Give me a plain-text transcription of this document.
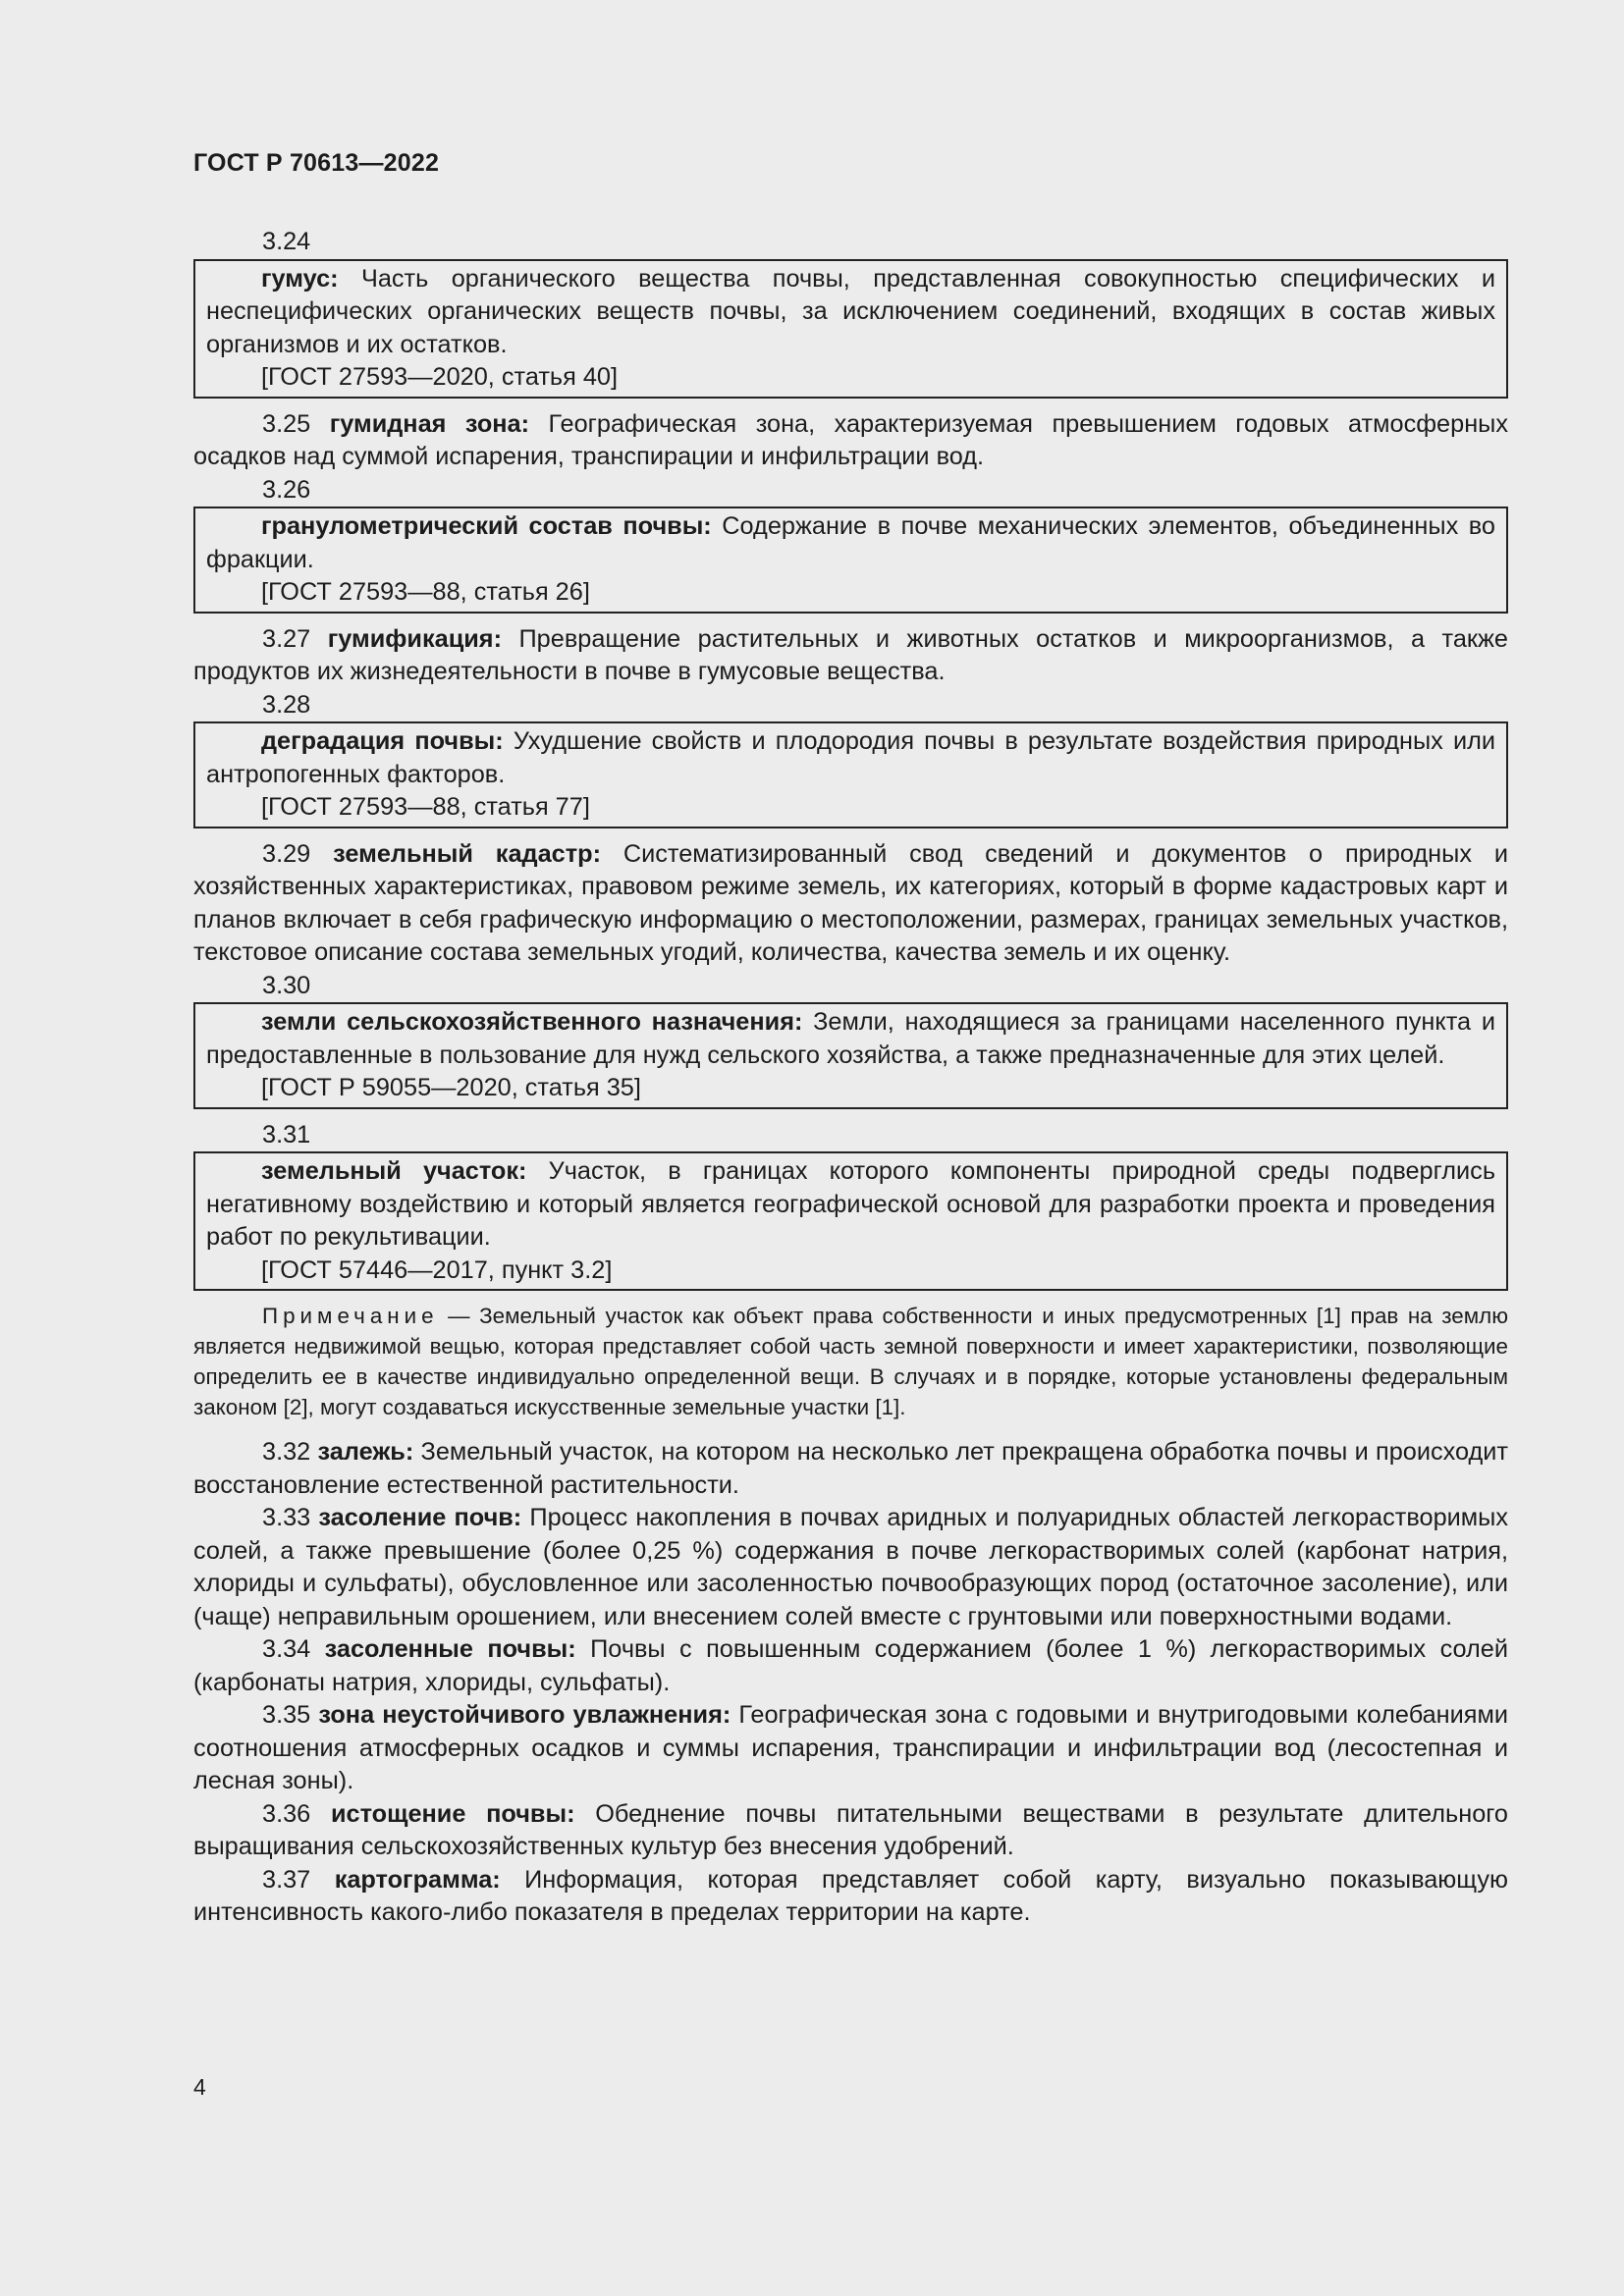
ГОСТ Р 70613—2022

3.24

гумус: Часть органического вещества почвы, представленная совокупностью специфических и неспецифических органических веществ почвы, за исключением соединений, входящих в состав живых организмов и их остатков.

[ГОСТ 27593—2020, статья 40]

3.25 гумидная зона: Географическая зона, характеризуемая превышением годовых атмосферных осадков над суммой испарения, транспирации и инфильтрации вод.

3.26

гранулометрический состав почвы: Содержание в почве механических элементов, объединенных во фракции.

[ГОСТ 27593—88, статья 26]

3.27 гумификация: Превращение растительных и животных остатков и микроорганизмов, а также продуктов их жизнедеятельности в почве в гумусовые вещества.

3.28

деградация почвы: Ухудшение свойств и плодородия почвы в результате воздействия природных или антропогенных факторов.

[ГОСТ 27593—88, статья 77]

3.29 земельный кадастр: Систематизированный свод сведений и документов о природных и хозяйственных характеристиках, правовом режиме земель, их категориях, который в форме кадастровых карт и планов включает в себя графическую информацию о местоположении, размерах, границах земельных участков, текстовое описание состава земельных угодий, количества, качества земель и их оценку.

3.30

земли сельскохозяйственного назначения: Земли, находящиеся за границами населенного пункта и предоставленные в пользование для нужд сельского хозяйства, а также предназначенные для этих целей.

[ГОСТ Р 59055—2020, статья 35]

3.31

земельный участок: Участок, в границах которого компоненты природной среды подверглись негативному воздействию и который является географической основой для разработки проекта и проведения работ по рекультивации.

[ГОСТ 57446—2017, пункт 3.2]

Примечание — Земельный участок как объект права собственности и иных предусмотренных [1] прав на землю является недвижимой вещью, которая представляет собой часть земной поверхности и имеет характеристики, позволяющие определить ее в качестве индивидуально определенной вещи. В случаях и в порядке, которые установлены федеральным законом [2], могут создаваться искусственные земельные участки [1].

3.32 залежь: Земельный участок, на котором на несколько лет прекращена обработка почвы и происходит восстановление естественной растительности.

3.33 засоление почв: Процесс накопления в почвах аридных и полуаридных областей легкорастворимых солей, а также превышение (более 0,25 %) содержания в почве легкорастворимых солей (карбонат натрия, хлориды и сульфаты), обусловленное или засоленностью почвообразующих пород (остаточное засоление), или (чаще) неправильным орошением, или внесением солей вместе с грунтовыми или поверхностными водами.

3.34 засоленные почвы: Почвы с повышенным содержанием (более 1 %) легкорастворимых солей (карбонаты натрия, хлориды, сульфаты).

3.35 зона неустойчивого увлажнения: Географическая зона с годовыми и внутригодовыми колебаниями соотношения атмосферных осадков и суммы испарения, транспирации и инфильтрации вод (лесостепная и лесная зоны).

3.36 истощение почвы: Обеднение почвы питательными веществами в результате длительного выращивания сельскохозяйственных культур без внесения удобрений.

3.37 картограмма: Информация, которая представляет собой карту, визуально показывающую интенсивность какого-либо показателя в пределах территории на карте.

4
